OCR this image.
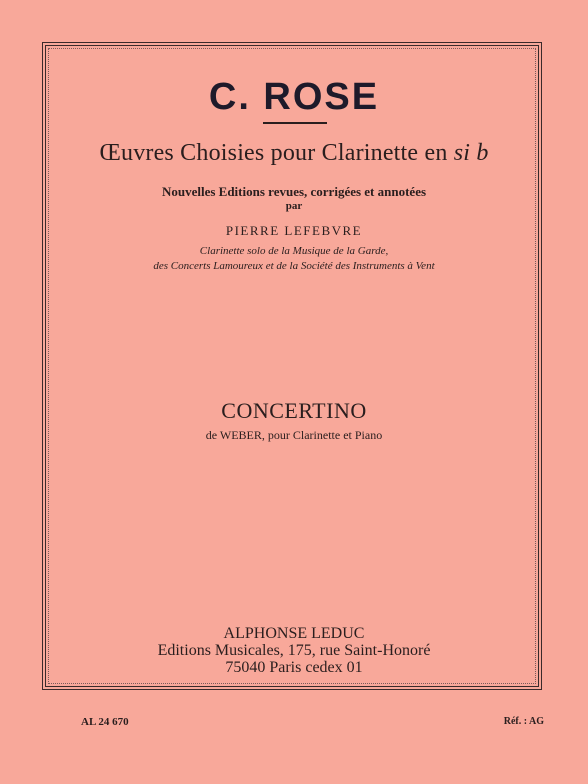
C. ROSE
Œuvres Choisies pour Clarinette en si b
Nouvelles Editions revues, corrigées et annotées
par
PIERRE LEFEBVRE
Clarinette solo de la Musique de la Garde,
des Concerts Lamoureux et de la Société des Instruments à Vent
CONCERTINO
de WEBER, pour Clarinette et Piano
ALPHONSE LEDUC
Editions Musicales, 175, rue Saint-Honoré
75040 Paris cedex 01
AL 24 670	Réf. : AG
